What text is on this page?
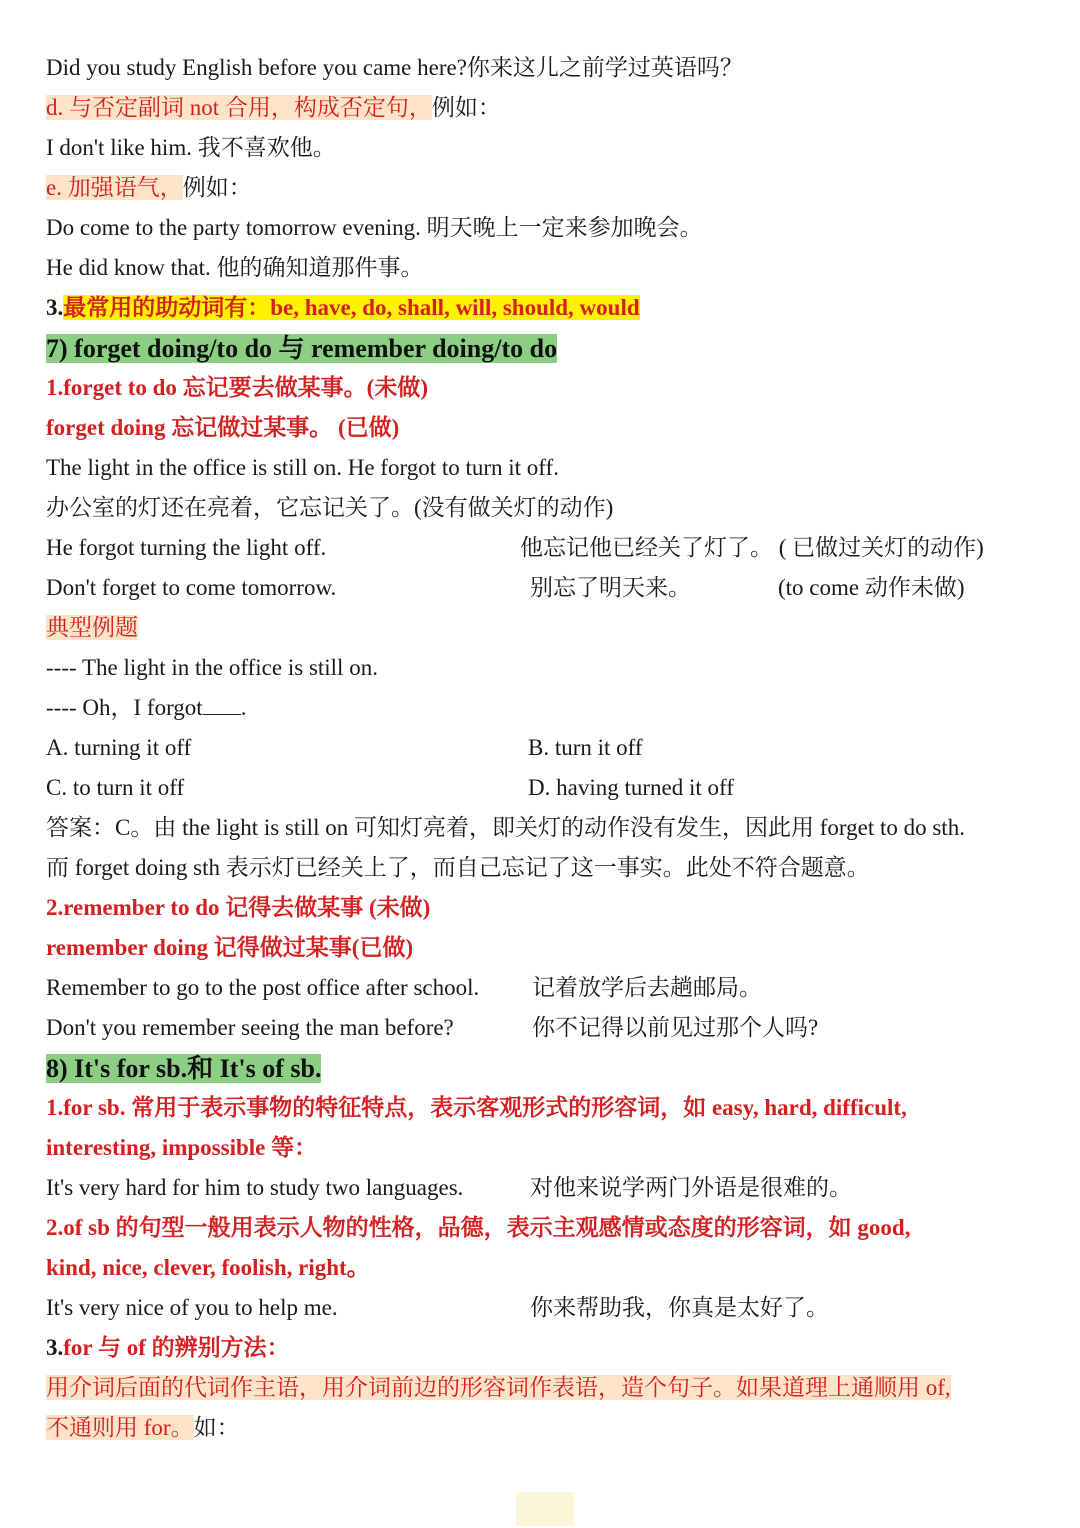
Did you study English before you came here?你来这儿之前学过英语吗？
d. 与否定副词 not 合用，构成否定句，例如：
I don't like him. 我不喜欢他。
e. 加强语气，例如：
Do come to the party tomorrow evening. 明天晚上一定来参加晚会。
He did know that. 他的确知道那件事。
3.最常用的助动词有：be, have, do, shall, will, should, would
7) forget doing/to do 与 remember doing/to do
1.forget to do 忘记要去做某事。(未做)
forget doing 忘记做过某事。 (已做)
The light in the office is still on. He forgot to turn it off.
办公室的灯还在亮着，它忘记关了。(没有做关灯的动作)
He forgot turning the light off.	他忘记他已经关了灯了。 ( 已做过关灯的动作)
Don't forget to come tomorrow.	别忘了明天来。	(to come 动作未做)
典型例题
---- The light in the office is still on.
---- Oh，I forgot .
A. turning it off	B. turn it off
C. to turn it off	D. having turned it off
答案：C。由 the light is still on 可知灯亮着，即关灯的动作没有发生，因此用 forget to do sth.
而 forget doing sth 表示灯已经关上了，而自己忘记了这一事实。此处不符合题意。
2.remember to do 记得去做某事 (未做)
remember doing 记得做过某事(已做)
Remember to go to the post office after school. 记着放学后去趟邮局。
Don't you remember seeing the man before?	你不记得以前见过那个人吗?
8) It's for sb.和 It's of sb.
1.for sb. 常用于表示事物的特征特点，表示客观形式的形容词，如 easy, hard, difficult,
interesting, impossible 等：
It's very hard for him to study two languages.	对他来说学两门外语是很难的。
2.of sb 的句型一般用表示人物的性格，品德，表示主观感情或态度的形容词，如 good,
kind, nice, clever, foolish, right。
It's very nice of you to help me.	你来帮助我，你真是太好了。
3.for 与 of 的辨别方法：
用介词后面的代词作主语，用介词前边的形容词作表语，造个句子。如果道理上通顺用 of,
不通则用 for。如：
